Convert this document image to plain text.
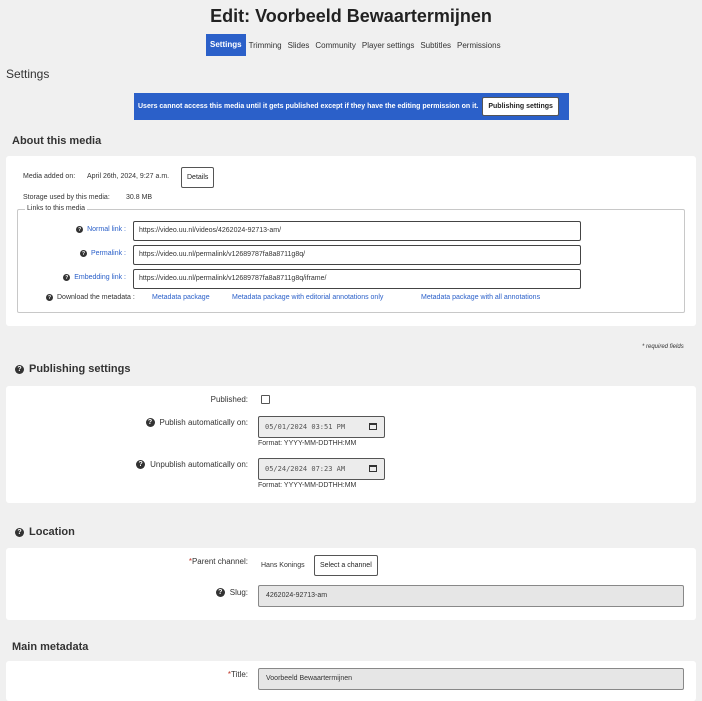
Edit: Voorbeeld Bewaartermijnen
Settings Trimming Slides Community Player settings Subtitles Permissions
Settings
Users cannot access this media until it gets published except if they have the editing permission on it.	Publishing settings
About this media
Media added on: April 26th, 2024, 9:27 a.m.	Details
Storage used by this media: 30.8 MB
Links to this media
? Normal link :	https://video.uu.nl/videos/4262024-92713-am/
? Permalink :	https://video.uu.nl/permalink/v12689787fa8a8711g8q/
? Embedding link :	https://video.uu.nl/permalink/v12689787fa8a8711g8q/iframe/
? Download the metadata : Metadata package	Metadata package with editorial annotations only	Metadata package with all annotations
* required fields
? Publishing settings
Published:
? Publish automatically on:	05/01/2024 03:51 PM
Format: YYYY-MM-DDTHH:MM
? Unpublish automatically on:	05/24/2024 07:23 AM
Format: YYYY-MM-DDTHH:MM
? Location
* Parent channel: Hans Konings	Select a channel
? Slug:	4262024-92713-am
Main metadata
* Title:	Voorbeeld Bewaartermijnen
